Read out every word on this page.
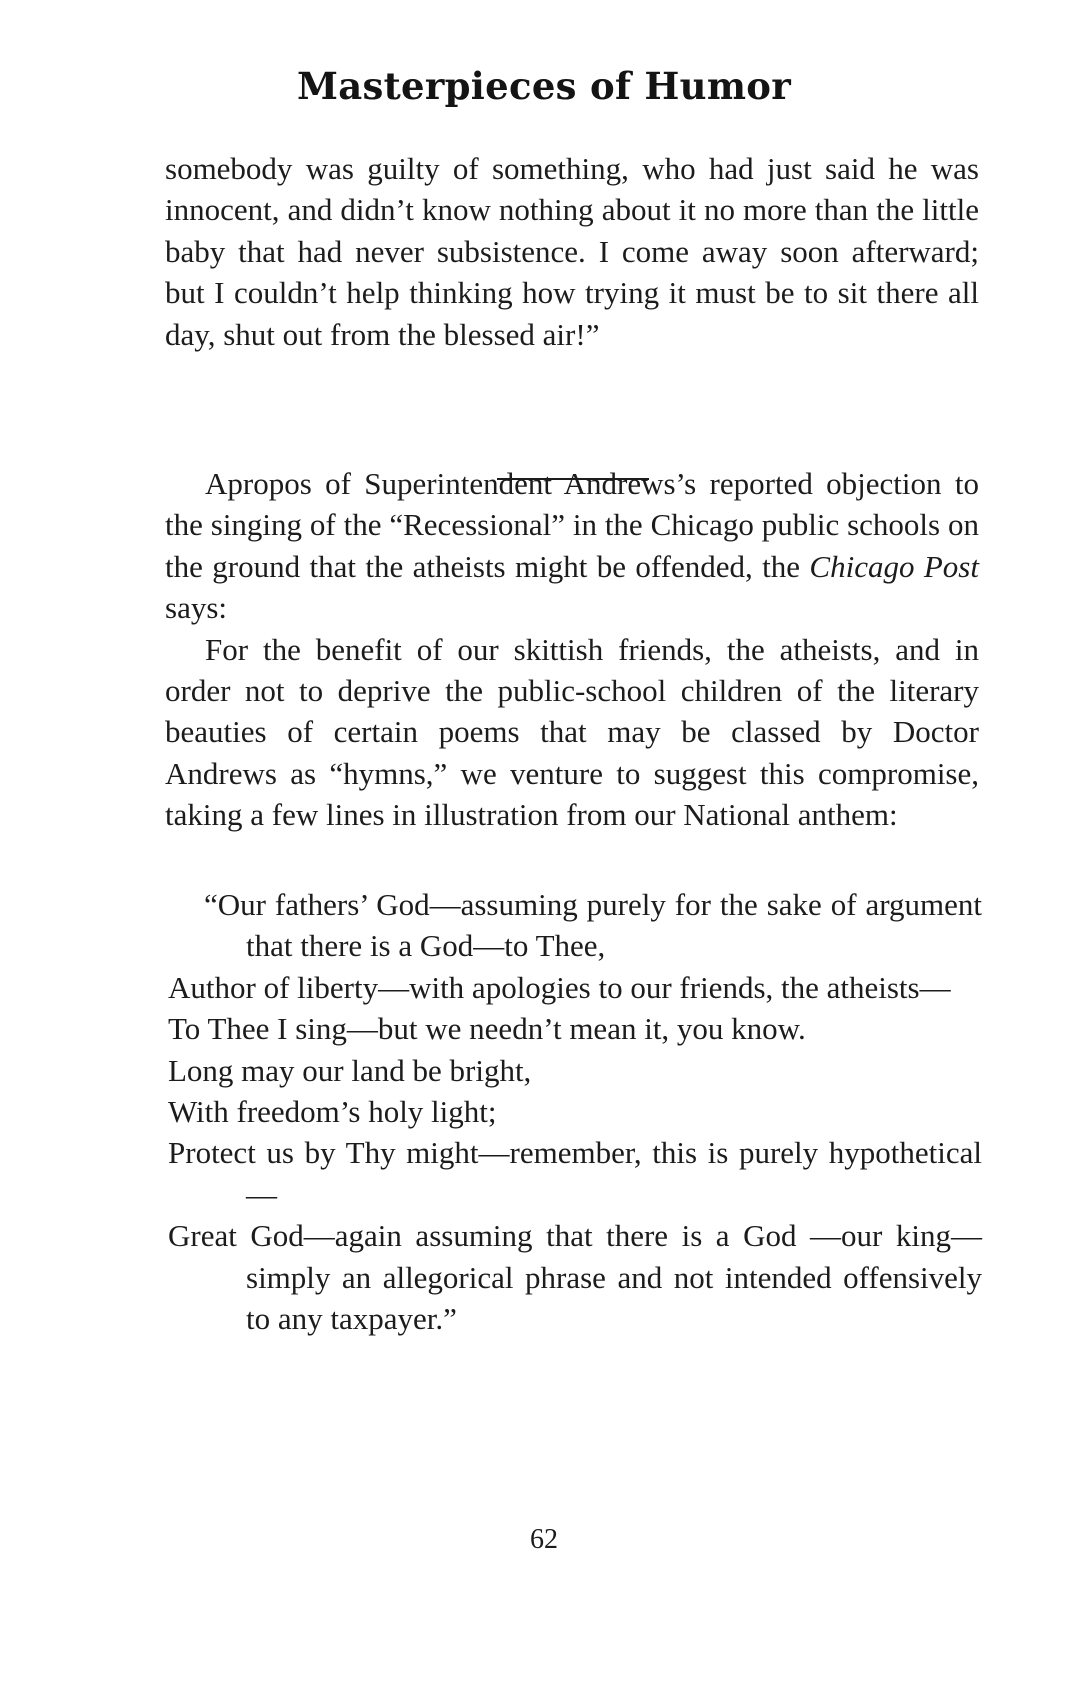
Masterpieces of Humor

somebody was guilty of something, who had just said he was innocent, and didn’t know nothing about it no more than the little baby that had never subsistence. I come away soon afterward; but I couldn’t help thinking how trying it must be to sit there all day, shut out from the blessed air!”

Apropos of Superintendent Andrews’s reported objection to the singing of the “Recessional” in the Chicago public schools on the ground that the atheists might be offended, the Chicago Post says:

For the benefit of our skittish friends, the atheists, and in order not to deprive the public-school children of the literary beauties of certain poems that may be classed by Doctor Andrews as “hymns,” we venture to suggest this compromise, taking a few lines in illustration from our National anthem:

“Our fathers’ God—assuming purely for the sake of argument that there is a God—to Thee,
Author of liberty—with apologies to our friends, the atheists—
To Thee I sing—but we needn’t mean it, you know.
Long may our land be bright,
With freedom’s holy light;
Protect us by Thy might—remember, this is purely hypothetical—
Great God—again assuming that there is a God —our king—simply an allegorical phrase and not intended offensively to any taxpayer.”
62
